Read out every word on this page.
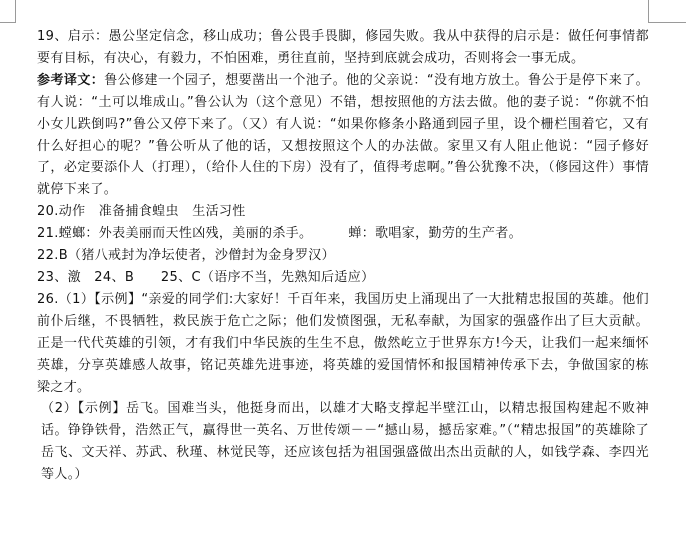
19、启示：愚公坚定信念，移山成功；鲁公畏手畏脚，修园失败。我从中获得的启示是：做任何事情都要有目标，有决心，有毅力，不怕困难，勇往直前，坚持到底就会成功，否则将会一事无成。

参考译文：鲁公修建一个园子，想要凿出一个池子。他的父亲说：“没有地方放土。鲁公于是停下来了。有人说：“土可以堆成山。”鲁公认为（这个意见）不错，想按照他的方法去做。他的妻子说：“你就不怕小女儿跌倒吗?”鲁公又停下来了。（又）有人说：“如果你修条小路通到园子里，设个栅栏围着它，又有什么好担心的呢？”鲁公听从了他的话，又想按照这个人的办法做。家里又有人阻止他说：“园子修好了，必定要添仆人（打理），（给仆人住的下房）没有了，值得考虑啊。”鲁公犹豫不决，（修园这件）事情就停下来了。

20.动作　准备捕食蝗虫　生活习性

21.螳螂：外表美丽而天性凶残，美丽的杀手。	蝉：歌唱家，勤劳的生产者。

22.B（猪八戒封为净坛使者，沙僧封为金身罗汉）

23、激　24、B　　25、C（语序不当，先熟知后适应）

26.（1）【示例】“亲爱的同学们:大家好！千百年来，我国历史上涌现出了一大批精忠报国的英雄。他们前仆后继，不畏牺牲，救民族于危亡之际；他们发愤图强，无私奉献，为国家的强盛作出了巨大贡献。正是一代代英雄的引领，才有我们中华民族的生生不息，傲然屹立于世界东方!今天，让我们一起来缅怀英雄，分享英雄感人故事，铭记英雄先进事迹，将英雄的爱国情怀和报国精神传承下去，争做国家的栋梁之才。

（2）【示例】岳飞。国难当头，他挺身而出，以雄才大略支撑起半壁江山，以精忠报国构建起不败神话。铮铮铁骨，浩然正气，赢得世一英名、万世传颂－－“撼山易，撼岳家难。”（“精忠报国”的英雄除了岳飞、文天祥、苏武、秋瑾、林觉民等，还应该包括为祖国强盛做出杰出贡献的人，如钱学森、李四光等人。）
